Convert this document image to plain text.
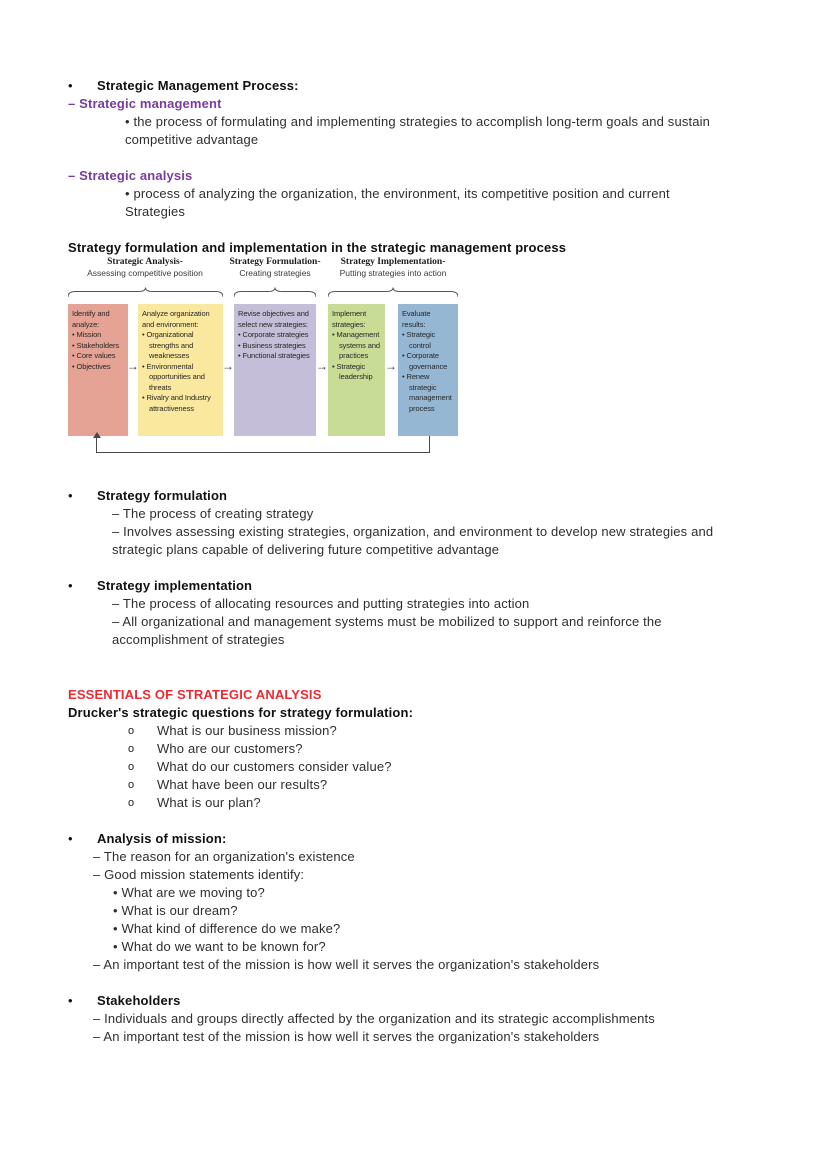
•	Strategic Management Process:
– Strategic management

• the process of formulating and implementing strategies to accomplish long-term goals and sustain competitive advantage

– Strategic analysis

• process of analyzing the organization, the environment, its competitive position and current Strategies

Strategy formulation and implementation in the strategic management process
Strategic Analysis-
Assessing competitive position
Strategy Formulation-
Creating strategies
Strategy Implementation-
Putting strategies into action
Identify and analyze:
• Mission
• Stakeholders
• Core values
• Objectives
Analyze organization and environment:
• Organizational strengths and weaknesses
• Environmental opportunities and threats
• Rivalry and Industry attractiveness
Revise objectives and select new strategies:
• Corporate strategies
• Business strategies
• Functional strategies
Implement strategies:
• Management systems and practices
• Strategic leadership
Evaluate results:
• Strategic control
• Corporate governance
• Renew strategic management process
→	→	→	→
•	Strategy formulation

– The process of creating strategy

– Involves assessing existing strategies, organization, and environment to develop new strategies and strategic plans capable of delivering future competitive advantage

•	Strategy implementation

– The process of allocating resources and putting strategies into action

– All organizational and management systems must be mobilized to support and reinforce the accomplishment of strategies

ESSENTIALS OF STRATEGIC ANALYSIS
Drucker's strategic questions for strategy formulation:
o	What is our business mission?
o	Who are our customers?
o	What do our customers consider value?
o	What have been our results?
o	What is our plan?
•	Analysis of mission:

– The reason for an organization's existence

– Good mission statements identify:

• What are we moving to?

• What is our dream?

• What kind of difference do we make?

• What do we want to be known for?

– An important test of the mission is how well it serves the organization's stakeholders

•	Stakeholders

– Individuals and groups directly affected by the organization and its strategic accomplishments

– An important test of the mission is how well it serves the organization's stakeholders
